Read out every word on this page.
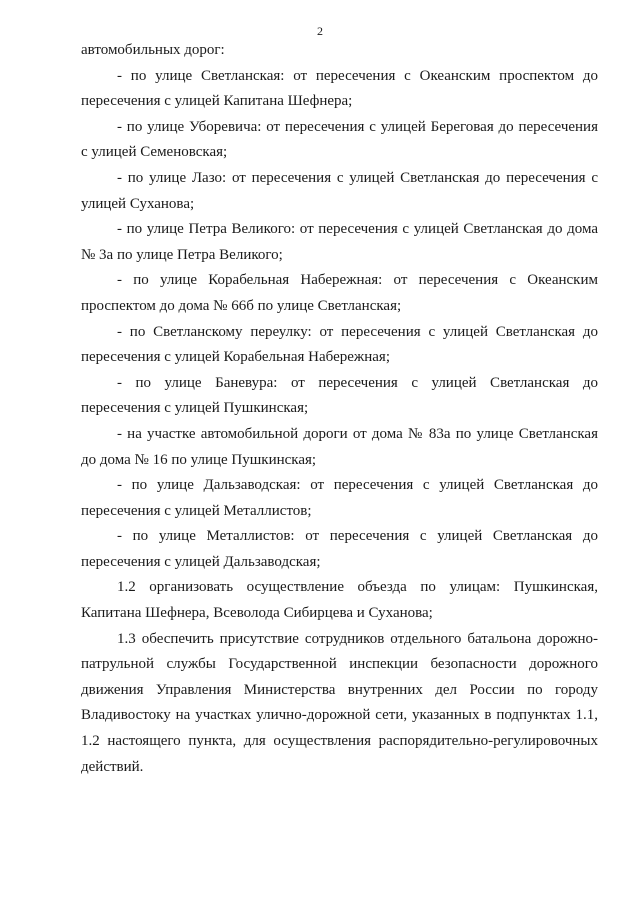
2
автомобильных дорог:
- по улице Светланская: от пересечения с Океанским проспектом до
пересечения с улицей Капитана Шефнера;
- по улице Уборевича: от пересечения с улицей Береговая до пересечения
с улицей Семеновская;
- по улице Лазо: от пересечения с улицей Светланская до пересечения с
улицей Суханова;
- по улице Петра Великого: от пересечения с улицей Светланская до дома
№ 3а по улице Петра Великого;
- по улице Корабельная Набережная: от пересечения с Океанским
проспектом до дома № 66б по улице Светланская;
- по Светланскому переулку: от пересечения с улицей Светланская до
пересечения с улицей Корабельная Набережная;
- по улице Баневура: от пересечения с улицей Светланская до
пересечения с улицей Пушкинская;
- на участке автомобильной дороги от дома № 83а по улице Светланская
до дома № 16 по улице Пушкинская;
- по улице Дальзаводская: от пересечения с улицей Светланская до
пересечения с улицей Металлистов;
- по улице Металлистов: от пересечения с улицей Светланская до
пересечения с улицей Дальзаводская;
1.2 организовать осуществление объезда по улицам: Пушкинская,
Капитана Шефнера, Всеволода Сибирцева и Суханова;
1.3 обеспечить присутствие сотрудников отдельного батальона дорожно-
патрульной службы Государственной инспекции безопасности дорожного
движения Управления Министерства внутренних дел России по городу
Владивостоку на участках улично-дорожной сети, указанных в подпунктах 1.1,
1.2 настоящего пункта, для осуществления распорядительно-регулировочных
действий.
